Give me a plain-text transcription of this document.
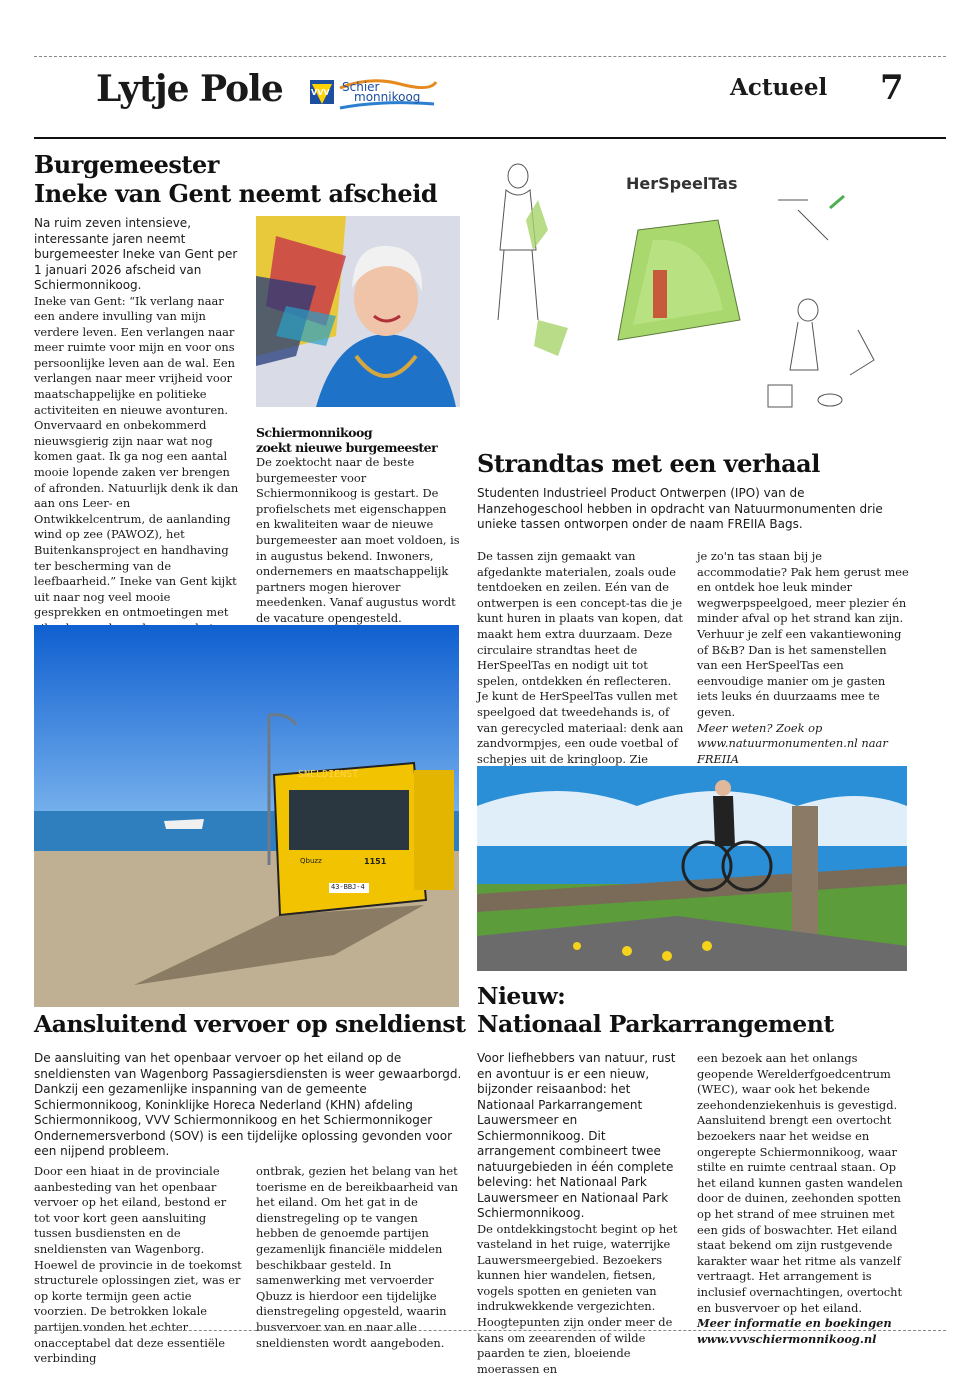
Lytje Pole	VVV Schier
monnikoog	Actueel 7
Burgemeester
Ineke van Gent neemt afscheid
Na ruim zeven intensieve, interessante jaren neemt burgemeester Ineke van Gent per 1 januari 2026 afscheid van Schiermonnikoog.
Ineke van Gent: “Ik verlang naar een andere invulling van mijn verdere leven. Een verlangen naar meer ruimte voor mijn en voor ons persoonlijke leven aan de wal. Een verlangen naar meer vrijheid voor maatschappelijke en politieke activiteiten en nieuwe avonturen. Onvervaard en onbekommerd nieuwsgierig zijn naar wat nog komen gaat. Ik ga nog een aantal mooie lopende zaken ver brengen of afronden. Natuurlijk denk ik dan aan ons Leer- en Ontwikkelcentrum, de aanlanding wind op zee (PAWOZ), het Buitenkansproject en handhaving ter bescherming van de leefbaarheid.” Ineke van Gent kijkt uit naar nog veel mooie gesprekken en ontmoetingen met
Schiermonnikoog
zoekt nieuwe burgemeester
De zoektocht naar de beste burgemeester voor Schiermonnikoog is gestart. De profielschets met eigenschappen en kwaliteiten waar de nieuwe burgemeester aan moet voldoen, is in augustus bekend. Inwoners, ondernemers en maatschappelijk partners mogen hierover meedenken. Vanaf augustus wordt de vacature opengesteld.
HerSpeelTas
Strandtas met een verhaal
Studenten Industrieel Product Ontwerpen (IPO) van de Hanzehogeschool hebben in opdracht van Natuurmonumenten drie unieke tassen ontworpen onder de naam FREIIA Bags.
De tassen zijn gemaakt van afgedankte materialen, zoals oude tentdoeken en zeilen. Eén van de ontwerpen is een concept-tas die je kunt huren in plaats van kopen, dat maakt hem extra duurzaam. Deze circulaire strandtas heet de HerSpeelTas en nodigt uit tot spelen, ontdekken én reflecteren. Je kunt de HerSpeelTas vullen met speelgoed dat tweedehands is, of van gerecycled materiaal: denk aan zandvormpjes, een oude voetbal of schepjes uit de kringloop. Zie
je zo'n tas staan bij je accommodatie? Pak hem gerust mee en ontdek hoe leuk minder wegwerpspeelgoed, meer plezier én minder afval op het strand kan zijn. Verhuur je zelf een vakantiewoning of B&B? Dan is het samenstellen van een HerSpeelTas een eenvoudige manier om je gasten iets leuks én duurzaams mee te geven.
Meer weten? Zoek op www.natuurmonumenten.nl naar FREIIA
SNELDIENST
1151
Qbuzz
43-BBJ-4
Aansluitend vervoer op sneldienst
De aansluiting van het openbaar vervoer op het eiland op de sneldiensten van Wagenborg Passagiersdiensten is weer gewaarborgd. Dankzij een gezamenlijke inspanning van de gemeente Schiermonnikoog, Koninklijke Horeca Nederland (KHN) afdeling Schiermonnikoog, VVV Schiermonnikoog en het Schiermonnikoger Ondernemersverbond (SOV) is een tijdelijke oplossing gevonden voor een nijpend probleem.
Door een hiaat in de provinciale aanbesteding van het openbaar vervoer op het eiland, bestond er tot voor kort geen aansluiting tussen busdiensten en de sneldiensten van Wagenborg. Hoewel de provincie in de toekomst structurele oplossingen ziet, was er op korte termijn geen actie voorzien. De betrokken lokale partijen vonden het echter onacceptabel dat deze essentiële verbinding
ontbrak, gezien het belang van het toerisme en de bereikbaarheid van het eiland. Om het gat in de dienstregeling op te vangen hebben de genoemde partijen gezamenlijk financiële middelen beschikbaar gesteld. In samenwerking met vervoerder Qbuzz is hierdoor een tijdelijke dienstregeling opgesteld, waarin busvervoer van en naar alle sneldiensten wordt aangeboden.
Nieuw:
Nationaal Parkarrangement
Voor liefhebbers van natuur, rust en avontuur is er een nieuw, bijzonder reisaanbod: het Nationaal Parkarrangement Lauwersmeer en Schiermonnikoog. Dit arrangement combineert twee natuurgebieden in één complete beleving: het Nationaal Park Lauwersmeer en Nationaal Park Schiermonnikoog.
De ontdekkingstocht begint op het vasteland in het ruige, waterrijke Lauwersmeergebied. Bezoekers kunnen hier wandelen, fietsen, vogels spotten en genieten van indrukwekkende vergezichten. Hoogtepunten zijn onder meer de kans om zeearenden of wilde paarden te zien, bloeiende moerassen en
een bezoek aan het onlangs geopende Werelderfgoedcentrum (WEC), waar ook het bekende zeehondenziekenhuis is gevestigd. Aansluitend brengt een overtocht bezoekers naar het weidse en ongerepte Schiermonnikoog, waar stilte en ruimte centraal staan. Op het eiland kunnen gasten wandelen door de duinen, zeehonden spotten op het strand of mee struinen met een gids of boswachter. Het eiland staat bekend om zijn rustgevende karakter waar het ritme als vanzelf vertraagt. Het arrangement is inclusief overnachtingen, overtocht en busvervoer op het eiland.
Meer informatie en boekingen
www.vvvschiermonnikoog.nl
